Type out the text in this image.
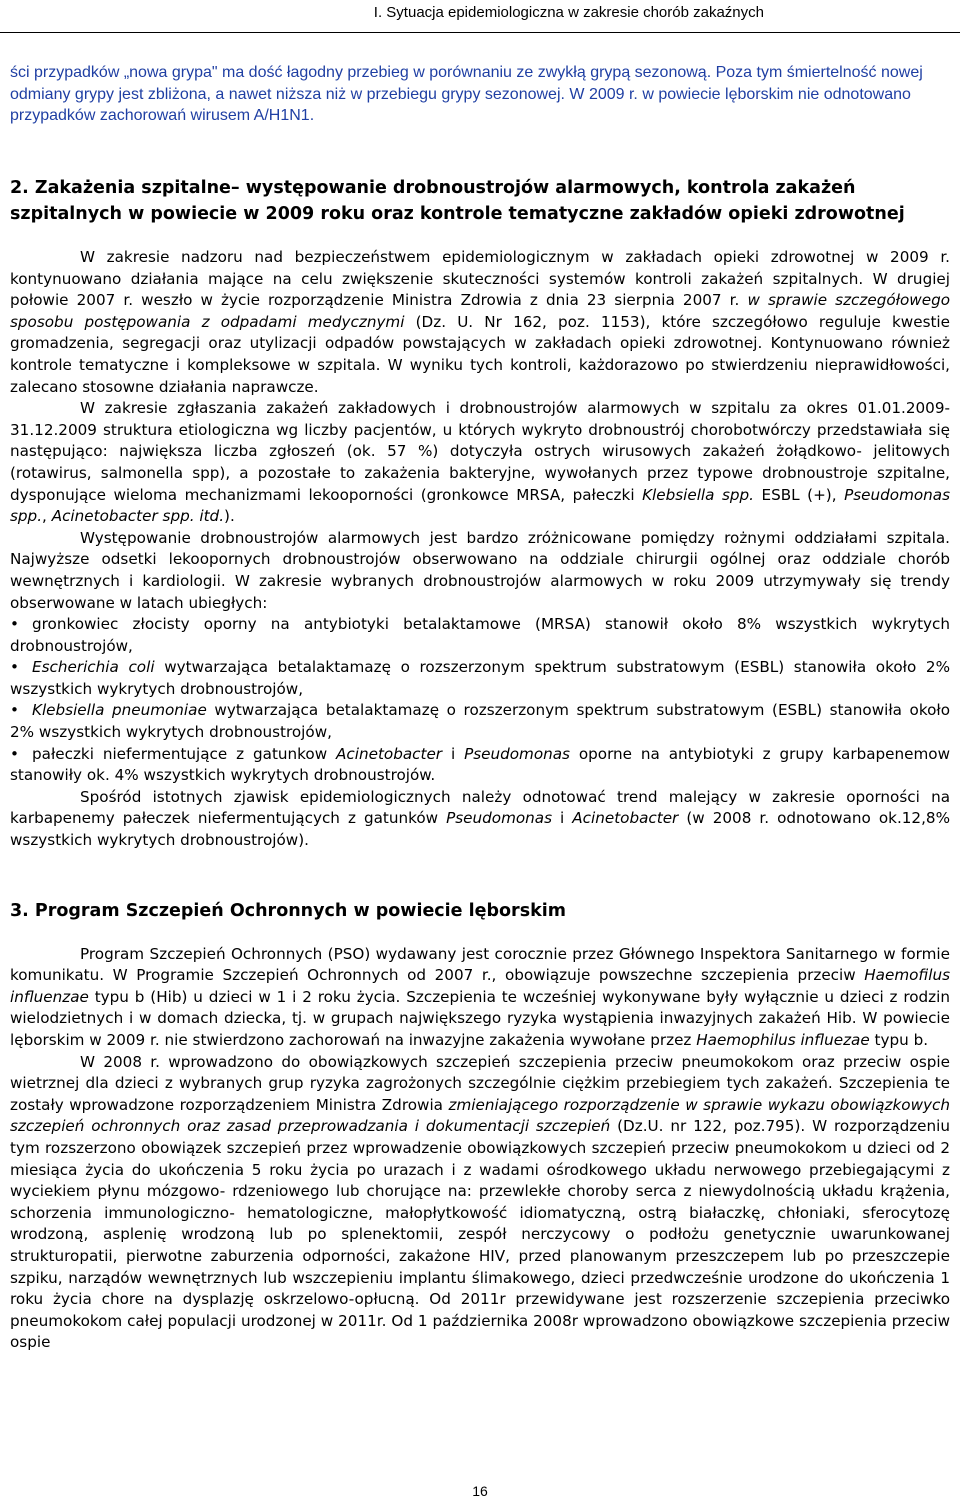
I. Sytuacja epidemiologiczna w zakresie chorób zakaźnych

ści przypadków „nowa grypa" ma dość łagodny przebieg w porównaniu ze zwykłą grypą sezonową. Poza tym śmiertelność nowej odmiany grypy jest zbliżona, a nawet niższa niż w przebiegu grypy sezonowej. W 2009 r. w powiecie lęborskim nie odnotowano przypadków zachorowań wirusem A/H1N1.

2. Zakażenia szpitalne– występowanie drobnoustrojów alarmowych, kontrola zakażeń szpitalnych w powiecie w 2009 roku oraz kontrole tematyczne zakładów opieki zdrowotnej

W zakresie nadzoru nad bezpieczeństwem epidemiologicznym w zakładach opieki zdrowotnej w 2009 r. kontynuowano działania mające na celu zwiększenie skuteczności systemów kontroli zakażeń szpitalnych. W drugiej połowie 2007 r. weszło w życie rozporządzenie Ministra Zdrowia z dnia 23 sierpnia 2007 r. w sprawie szczegółowego sposobu postępowania z odpadami medycznymi (Dz. U. Nr 162, poz. 1153), które szczegółowo reguluje kwestie gromadzenia, segregacji oraz utylizacji odpadów powstających w zakładach opieki zdrowotnej. Kontynuowano również kontrole tematyczne i kompleksowe w szpitala. W wyniku tych kontroli, każdorazowo po stwierdzeniu nieprawidłowości, zalecano stosowne działania naprawcze.

W zakresie zgłaszania zakażeń zakładowych i drobnoustrojów alarmowych w szpitalu za okres 01.01.2009- 31.12.2009 struktura etiologiczna wg liczby pacjentów, u których wykryto drobnoustrój chorobotwórczy przedstawiała się następująco: największa liczba zgłoszeń (ok. 57 %) dotyczyła ostrych wirusowych zakażeń żołądkowo- jelitowych (rotawirus, salmonella spp), a pozostałe to zakażenia bakteryjne, wywołanych przez typowe drobnoustroje szpitalne, dysponujące wieloma mechanizmami lekooporności (gronkowce MRSA, pałeczki Klebsiella spp. ESBL (+), Pseudomonas spp., Acinetobacter spp. itd.).

Występowanie drobnoustrojów alarmowych jest bardzo zróżnicowane pomiędzy rożnymi oddziałami szpitala. Najwyższe odsetki lekoopornych drobnoustrojów obserwowano na oddziale chirurgii ogólnej oraz oddziale chorób wewnętrznych i kardiologii. W zakresie wybranych drobnoustrojów alarmowych w roku 2009 utrzymywały się trendy obserwowane w latach ubiegłych:

• gronkowiec złocisty oporny na antybiotyki betalaktamowe (MRSA) stanowił około 8% wszystkich wykrytych drobnoustrojów,

• Escherichia coli wytwarzająca betalaktamazę o rozszerzonym spektrum substratowym (ESBL) stanowiła około 2% wszystkich wykrytych drobnoustrojów,

• Klebsiella pneumoniae wytwarzająca betalaktamazę o rozszerzonym spektrum substratowym (ESBL) stanowiła około 2% wszystkich wykrytych drobnoustrojów,

• pałeczki niefermentujące z gatunkow Acinetobacter i Pseudomonas oporne na antybiotyki z grupy karbapenemow stanowiły ok. 4% wszystkich wykrytych drobnoustrojów.

Spośród istotnych zjawisk epidemiologicznych należy odnotować trend malejący w zakresie oporności na karbapenemy pałeczek niefermentujących z gatunków Pseudomonas i Acinetobacter (w 2008 r. odnotowano ok.12,8% wszystkich wykrytych drobnoustrojów).

3. Program Szczepień Ochronnych w powiecie lęborskim

Program Szczepień Ochronnych (PSO) wydawany jest corocznie przez Głównego Inspektora Sanitarnego w formie komunikatu. W Programie Szczepień Ochronnych od 2007 r., obowiązuje powszechne szczepienia przeciw Haemofilus influenzae typu b (Hib) u dzieci w 1 i 2 roku życia. Szczepienia te wcześniej wykonywane były wyłącznie u dzieci z rodzin wielodzietnych i w domach dziecka, tj. w grupach największego ryzyka wystąpienia inwazyjnych zakażeń Hib. W powiecie lęborskim w 2009 r. nie stwierdzono zachorowań na inwazyjne zakażenia wywołane przez Haemophilus influezae typu b.

W 2008 r. wprowadzono do obowiązkowych szczepień szczepienia przeciw pneumokokom oraz przeciw ospie wietrznej dla dzieci z wybranych grup ryzyka zagrożonych szczególnie ciężkim przebiegiem tych zakażeń. Szczepienia te zostały wprowadzone rozporządzeniem Ministra Zdrowia zmieniającego rozporządzenie w sprawie wykazu obowiązkowych szczepień ochronnych oraz zasad przeprowadzania i dokumentacji szczepień (Dz.U. nr 122, poz.795). W rozporządzeniu tym rozszerzono obowiązek szczepień przez wprowadzenie obowiązkowych szczepień przeciw pneumokokom u dzieci od 2 miesiąca życia do ukończenia 5 roku życia po urazach i z wadami ośrodkowego układu nerwowego przebiegającymi z wyciekiem płynu mózgowo- rdzeniowego lub chorujące na: przewlekłe choroby serca z niewydolnością układu krążenia, schorzenia immunologiczno- hematologiczne, małopłytkowość idiomatyczną, ostrą białaczkę, chłoniaki, sferocytozę wrodzoną, asplenię wrodzoną lub po splenektomii, zespół nerczycowy o podłożu genetycznie uwarunkowanej strukturopatii, pierwotne zaburzenia odporności, zakażone HIV, przed planowanym przeszczepem lub po przeszczepie szpiku, narządów wewnętrznych lub wszczepieniu implantu ślimakowego, dzieci przedwcześnie urodzone do ukończenia 1 roku życia chore na dysplazję oskrzelowo-opłucną. Od 2011r przewidywane jest rozszerzenie szczepienia przeciwko pneumokokom całej populacji urodzonej w 2011r. Od 1 października 2008r wprowadzono obowiązkowe szczepienia przeciw ospie

16
